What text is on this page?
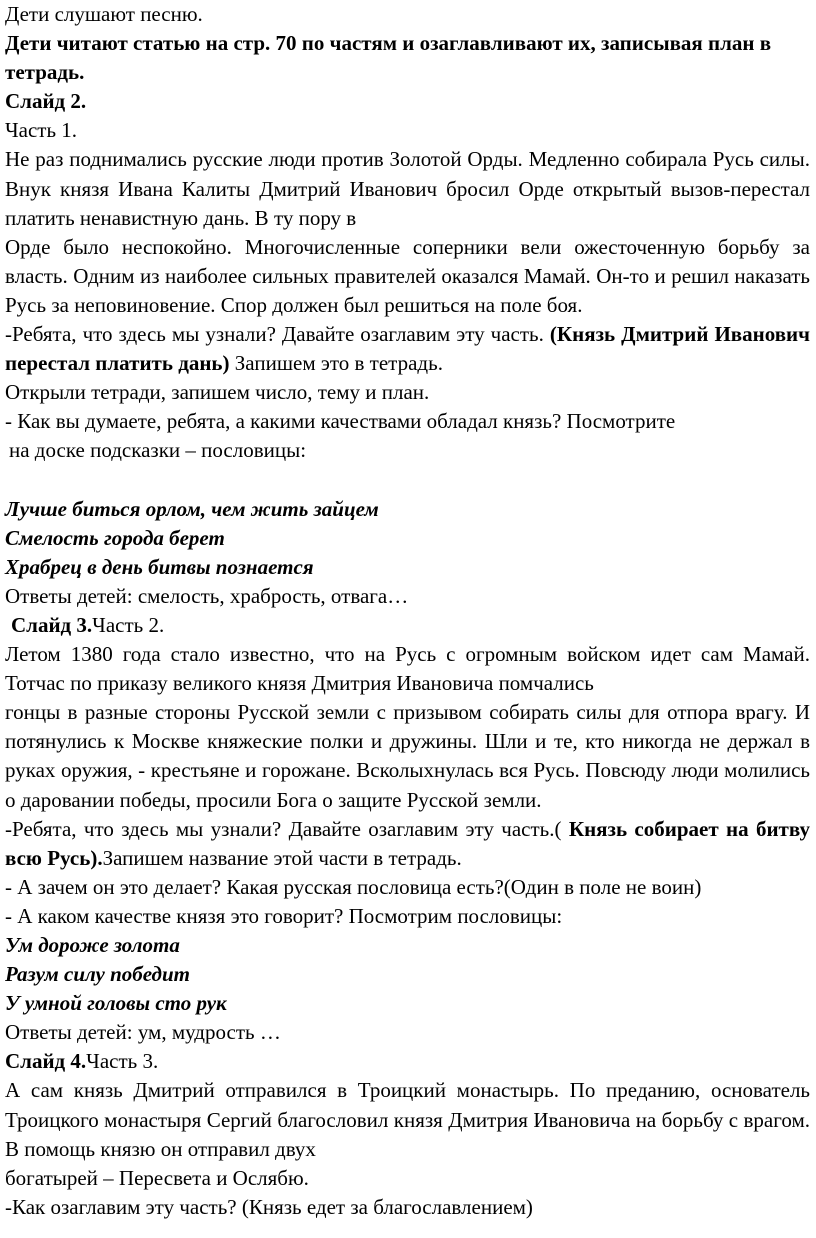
Дети слушают песню.

Дети читают статью на стр. 70 по частям и озаглавливают их, записывая план в тетрадь.

Слайд 2.

Часть 1.

Не раз поднимались русские люди против Золотой Орды. Медленно собирала Русь силы. Внук князя Ивана Калиты Дмитрий Иванович бросил Орде открытый вызов-перестал платить ненавистную дань. В ту пору в

Орде было неспокойно. Многочисленные соперники вели ожесточенную борьбу за власть. Одним из наиболее сильных правителей оказался Мамай. Он-то и решил наказать Русь за неповиновение. Спор должен был решиться на поле боя.

-Ребята, что здесь мы узнали? Давайте озаглавим эту часть. (Князь Дмитрий Иванович перестал платить дань) Запишем это в тетрадь.

Открыли тетради, запишем число, тему и план.

- Как вы думаете, ребята, а какими качествами обладал князь? Посмотрите

на доске подсказки – пословицы:

Лучше биться орлом, чем жить зайцем

Смелость города берет

Храбрец в день битвы познается

Ответы детей: смелость, храбрость, отвага…

Слайд 3.Часть 2.

Летом 1380 года стало известно, что на Русь с огромным войском идет сам Мамай. Тотчас по приказу великого князя Дмитрия Ивановича помчались

гонцы в разные стороны Русской земли с призывом собирать силы для отпора врагу. И потянулись к Москве княжеские полки и дружины. Шли и те, кто никогда не держал в руках оружия, - крестьяне и горожане. Всколыхнулась вся Русь. Повсюду люди молились о даровании победы, просили Бога о защите Русской земли.

-Ребята, что здесь мы узнали? Давайте озаглавим эту часть.( Князь собирает на битву всю Русь).Запишем название этой части в тетрадь.

- А зачем он это делает? Какая русская пословица есть?(Один в поле не воин)

- А каком качестве князя это говорит? Посмотрим пословицы:

Ум дороже золота

Разум силу победит

У умной головы сто рук

Ответы детей: ум, мудрость …

Слайд 4.Часть 3.

А сам князь Дмитрий отправился в Троицкий монастырь. По преданию, основатель Троицкого монастыря Сергий благословил князя Дмитрия Ивановича на борьбу с врагом. В помощь князю он отправил двух

богатырей – Пересвета и Ослябю.

-Как озаглавим эту часть? (Князь едет за благославлением)
